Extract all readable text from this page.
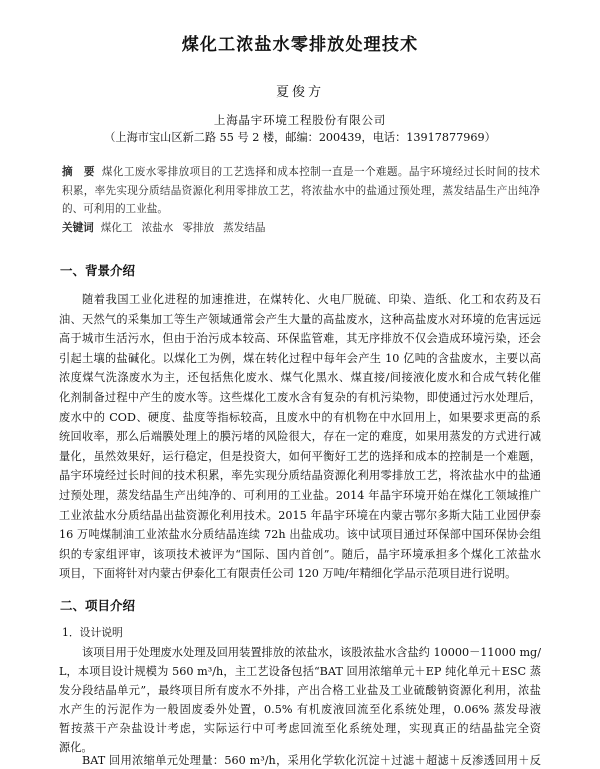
煤化工浓盐水零排放处理技术
夏俊方
上海晶宇环境工程股份有限公司
（上海市宝山区新二路 55 号 2 楼，邮编：200439，电话：13917877969）
摘　要 煤化工废水零排放项目的工艺选择和成本控制一直是一个难题。晶宇环境经过长时间的技术
积累，率先实现分质结晶资源化利用零排放工艺，将浓盐水中的盐通过预处理，蒸发结晶生产出纯净
的、可利用的工业盐。
关键词 煤化工 浓盐水 零排放 蒸发结晶
一、背景介绍
随着我国工业化进程的加速推进，在煤转化、火电厂脱硫、印染、造纸、化工和农药及石
油、天然气的采集加工等生产领域通常会产生大量的高盐废水，这种高盐废水对环境的危害远远
高于城市生活污水，但由于治污成本较高、环保监管难，其无序排放不仅会造成环境污染，还会
引起土壤的盐碱化。以煤化工为例，煤在转化过程中每年会产生 10 亿吨的含盐废水，主要以高
浓度煤气洗涤废水为主，还包括焦化废水、煤气化黑水、煤直接/间接液化废水和合成气转化催
化剂制备过程中产生的废水等。这些煤化工废水含有复杂的有机污染物，即使通过污水处理后，
废水中的 COD、硬度、盐度等指标较高，且废水中的有机物在中水回用上，如果要求更高的系
统回收率，那么后端膜处理上的膜污堵的风险很大，存在一定的难度，如果用蒸发的方式进行减
量化，虽然效果好，运行稳定，但是投资大，如何平衡好工艺的选择和成本的控制是一个难题，
晶宇环境经过长时间的技术积累，率先实现分质结晶资源化利用零排放工艺，将浓盐水中的盐通
过预处理，蒸发结晶生产出纯净的、可利用的工业盐。2014 年晶宇环境开始在煤化工领域推广
工业浓盐水分质结晶出盐资源化利用技术。2015 年晶宇环境在内蒙古鄂尔多斯大陆工业园伊泰
16 万吨煤制油工业浓盐水分质结晶连续 72h 出盐成功。该中试项目通过环保部中国环保协会组
织的专家组评审，该项技术被评为“国际、国内首创”。随后，晶宇环境承担多个煤化工浓盐水
项目，下面将针对内蒙古伊泰化工有限责任公司 120 万吨/年精细化学品示范项目进行说明。
二、项目介绍
1．设计说明
该项目用于处理废水处理及回用装置排放的浓盐水，该股浓盐水含盐约 10000－11000 mg/
L，本项目设计规模为 560 m³/h，主工艺设备包括“BAT 回用浓缩单元＋EP 纯化单元＋ESC 蒸
发分段结晶单元”，最终项目所有废水不外排，产出合格工业盐及工业硫酸钠资源化利用，浓盐
水产生的污泥作为一般固废委外处置，0.5% 有机废液回流至化系统处理，0.06% 蒸发母液
暂按蒸干产杂盐设计考虑，实际运行中可考虑回流至化系统处理，实现真正的结晶盐完全资
源化。
BAT 回用浓缩单元处理量：560 m³/h，采用化学软化沉淀＋过滤＋超滤＋反渗透回用＋反
